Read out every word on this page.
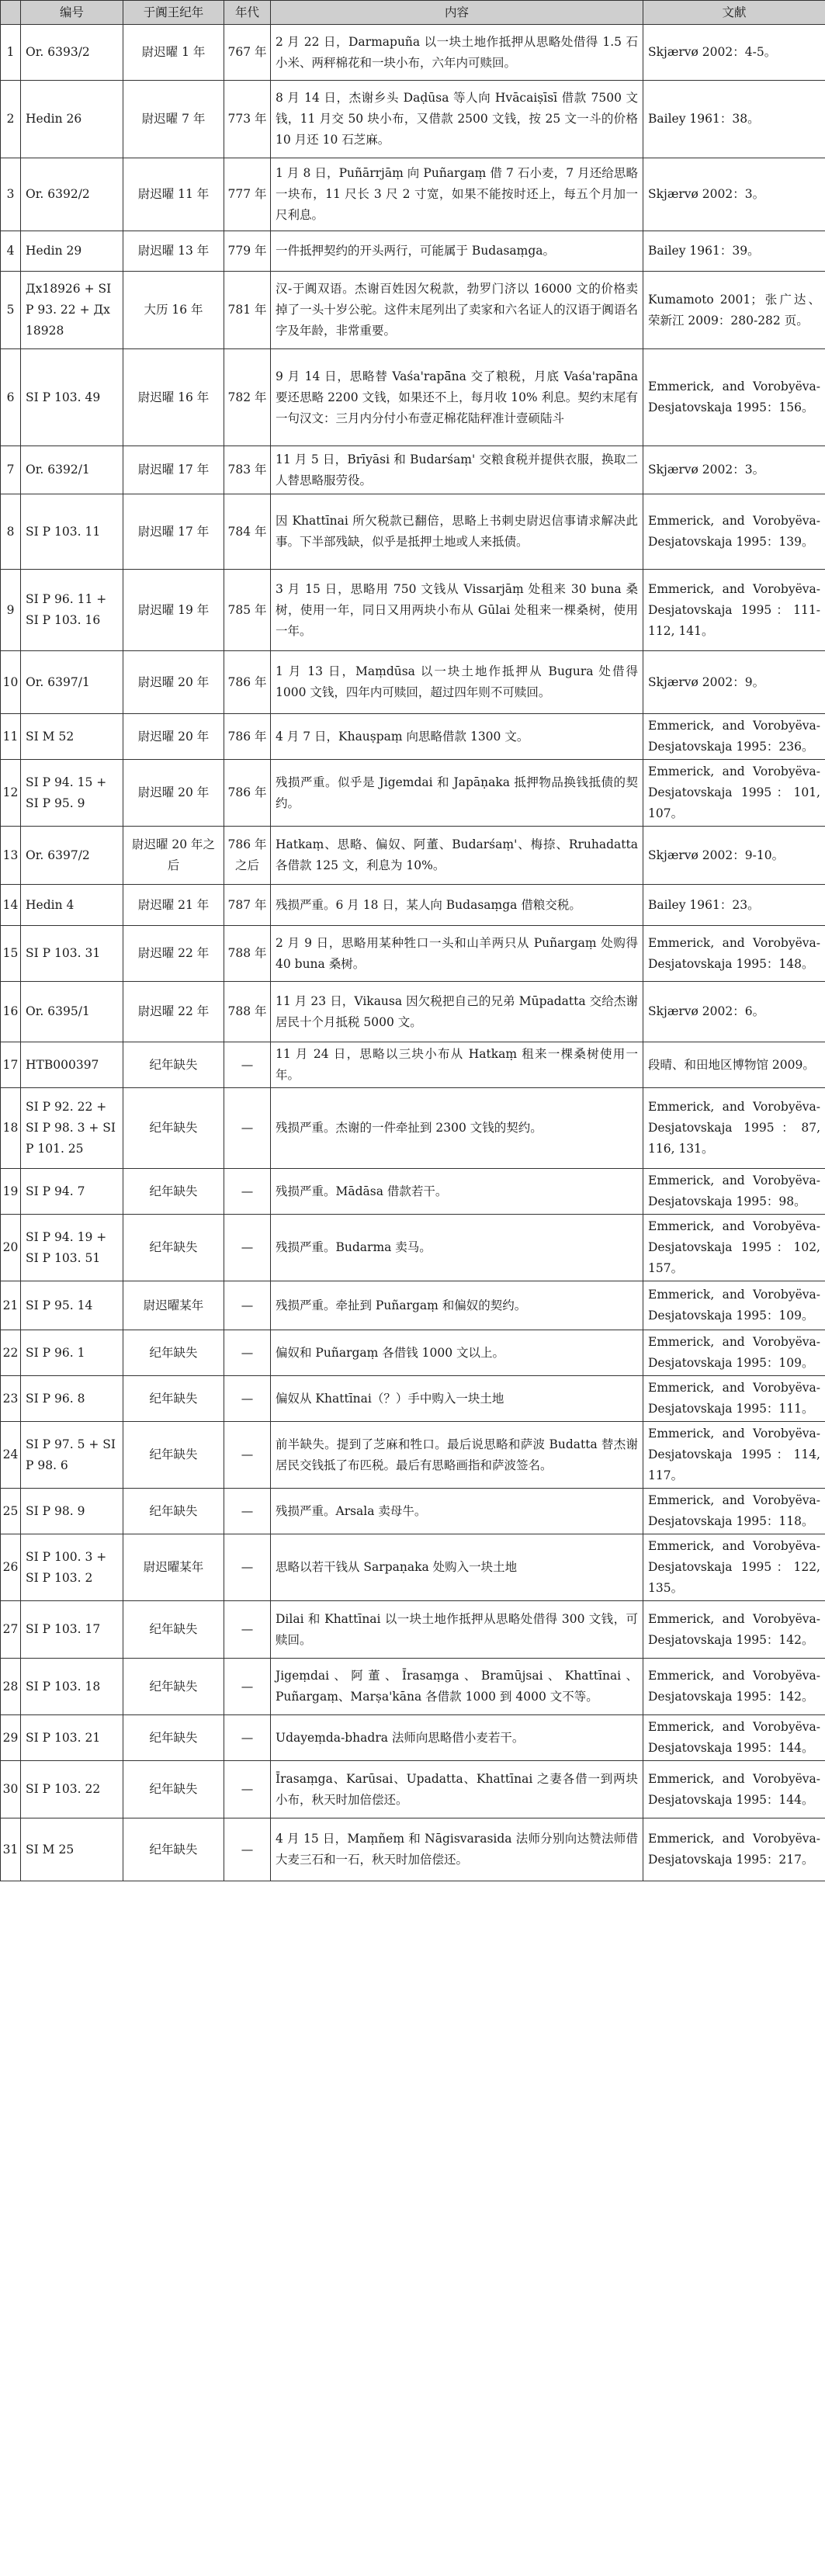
	编号	于阗王纪年	年代	内容	文献
1	Or. 6393/2	尉迟曜 1 年	767 年	2 月 22 日，Darmapuña 以一块土地作抵押从思略处借得 1.5 石小米、两秤棉花和一块小布，六年内可赎回。	Skjærvø 2002：4-5。
2	Hedin 26	尉迟曜 7 年	773 年	8 月 14 日，杰谢乡头 Daḍūsa 等人向 Hvācaiṣīsī 借款 7500 文钱，11 月交 50 块小布，又借款 2500 文钱，按 25 文一斗的价格 10 月还 10 石芝麻。	Bailey 1961：38。
3	Or. 6392/2	尉迟曜 11 年	777 年	1 月 8 日，Puñārrjāṃ 向 Puñargaṃ 借 7 石小麦，7 月还给思略一块布，11 尺长 3 尺 2 寸宽，如果不能按时还上，每五个月加一尺利息。	Skjærvø 2002：3。
4	Hedin 29	尉迟曜 13 年	779 年	一件抵押契约的开头两行，可能属于 Budasaṃga。	Bailey 1961：39。
5	Дх18926 + SI P 93. 22 + Дх 18928	大历 16 年	781 年	汉-于阗双语。杰谢百姓因欠税款，勃罗门济以 16000 文的价格卖掉了一头十岁公驼。这件末尾列出了卖家和六名证人的汉语于阗语名字及年龄，非常重要。	Kumamoto 2001；张广达、荣新江 2009：280-282 页。
6	SI P 103. 49	尉迟曜 16 年	782 年	9 月 14 日，思略替 Vaśa'rapā̃na 交了粮税，月底 Vaśa'rapā̃na 要还思略 2200 文钱，如果还不上，每月收 10% 利息。契约末尾有一句汉文：三月内分付小布壹疋棉花陆秤准计壹硕陆斗	Emmerick, and Vorobyёva-Desjatovskaja 1995：156。
7	Or. 6392/1	尉迟曜 17 年	783 年	11 月 5 日，Brīyāsi 和 Budarśaṃ' 交粮食税并提供衣服，换取二人替思略服劳役。	Skjærvø 2002：3。
8	SI P 103. 11	尉迟曜 17 年	784 年	因 Khattīnai 所欠税款已翻倍，思略上书刺史尉迟信事请求解决此事。下半部残缺，似乎是抵押土地或人来抵债。	Emmerick, and Vorobyёva-Desjatovskaja 1995：139。
9	SI P 96. 11 + SI P 103. 16	尉迟曜 19 年	785 年	3 月 15 日，思略用 750 文钱从 Vissarjāṃ 处租来 30 buna 桑树，使用一年，同日又用两块小布从 Gūlai 处租来一棵桑树，使用一年。	Emmerick, and Vorobyёva-Desjatovskaja 1995：111-112, 141。
10	Or. 6397/1	尉迟曜 20 年	786 年	1 月 13 日，Maṃdūsa 以一块土地作抵押从 Bugura 处借得 1000 文钱，四年内可赎回，超过四年则不可赎回。	Skjærvø 2002：9。
11	SI M 52	尉迟曜 20 年	786 年	4 月 7 日，Khauṣpaṃ 向思略借款 1300 文。	Emmerick, and Vorobyёva-Desjatovskaja 1995：236。
12	SI P 94. 15 + SI P 95. 9	尉迟曜 20 年	786 年	残损严重。似乎是 Jigemdai 和 Japāṇaka 抵押物品换钱抵债的契约。	Emmerick, and Vorobyёva-Desjatovskaja 1995：101, 107。
13	Or. 6397/2	尉迟曜 20 年之后	786 年之后	Hatkaṃ、思略、偏奴、阿董、Budarśaṃ'、梅捺、Rruhadatta 各借款 125 文，利息为 10%。	Skjærvø 2002：9-10。
14	Hedin 4	尉迟曜 21 年	787 年	残损严重。6 月 18 日，某人向 Budasaṃga 借粮交税。	Bailey 1961：23。
15	SI P 103. 31	尉迟曜 22 年	788 年	2 月 9 日，思略用某种牲口一头和山羊两只从 Puñargaṃ 处购得 40 buna 桑树。	Emmerick, and Vorobyёva-Desjatovskaja 1995：148。
16	Or. 6395/1	尉迟曜 22 年	788 年	11 月 23 日，Vikausa 因欠税把自己的兄弟 Mūpadatta 交给杰谢居民十个月抵税 5000 文。	Skjærvø 2002：6。
17	HTB000397	纪年缺失	—	11 月 24 日，思略以三块小布从 Hatkaṃ 租来一棵桑树使用一年。	段晴、和田地区博物馆 2009。
18	SI P 92. 22 + SI P 98. 3 + SI P 101. 25	纪年缺失	—	残损严重。杰谢的一件牵扯到 2300 文钱的契约。	Emmerick, and Vorobyёva-Desjatovskaja 1995：87, 116, 131。
19	SI P 94. 7	纪年缺失	—	残损严重。Mādāsa 借款若干。	Emmerick, and Vorobyёva-Desjatovskaja 1995：98。
20	SI P 94. 19 + SI P 103. 51	纪年缺失	—	残损严重。Budarma 卖马。	Emmerick, and Vorobyёva-Desjatovskaja 1995：102, 157。
21	SI P 95. 14	尉迟曜某年	—	残损严重。牵扯到 Puñargaṃ 和偏奴的契约。	Emmerick, and Vorobyёva-Desjatovskaja 1995：109。
22	SI P 96. 1	纪年缺失	—	偏奴和 Puñargaṃ 各借钱 1000 文以上。	Emmerick, and Vorobyёva-Desjatovskaja 1995：109。
23	SI P 96. 8	纪年缺失	—	偏奴从 Khattīnai（？）手中购入一块土地	Emmerick, and Vorobyёva-Desjatovskaja 1995：111。
24	SI P 97. 5 + SI P 98. 6	纪年缺失	—	前半缺失。提到了芝麻和牲口。最后说思略和萨波 Budatta 替杰谢居民交钱抵了布匹税。最后有思略画指和萨波签名。	Emmerick, and Vorobyёva-Desjatovskaja 1995：114, 117。
25	SI P 98. 9	纪年缺失	—	残损严重。Arsala 卖母牛。	Emmerick, and Vorobyёva-Desjatovskaja 1995：118。
26	SI P 100. 3 + SI P 103. 2	尉迟曜某年	—	思略以若干钱从 Sarpaṇaka 处购入一块土地	Emmerick, and Vorobyёva-Desjatovskaja 1995：122, 135。
27	SI P 103. 17	纪年缺失	—	Dilai 和 Khattīnai 以一块土地作抵押从思略处借得 300 文钱，可赎回。	Emmerick, and Vorobyёva-Desjatovskaja 1995：142。
28	SI P 103. 18	纪年缺失	—	Jigeṃdai、阿董、Īrasaṃga、Bramūjsai、Khattīnai、Puñargaṃ、Marṣa'kāna 各借款 1000 到 4000 文不等。	Emmerick, and Vorobyёva-Desjatovskaja 1995：142。
29	SI P 103. 21	纪年缺失	—	Udayeṃda-bhadra 法师向思略借小麦若干。	Emmerick, and Vorobyёva-Desjatovskaja 1995：144。
30	SI P 103. 22	纪年缺失	—	Īrasaṃga、Karūsai、Upadatta、Khattīnai 之妻各借一到两块小布，秋天时加倍偿还。	Emmerick, and Vorobyёva-Desjatovskaja 1995：144。
31	SI M 25	纪年缺失	—	4 月 15 日，Maṃñeṃ 和 Nāgisvarasida 法师分别向达赞法师借大麦三石和一石，秋天时加倍偿还。	Emmerick, and Vorobyёva-Desjatovskaja 1995：217。
